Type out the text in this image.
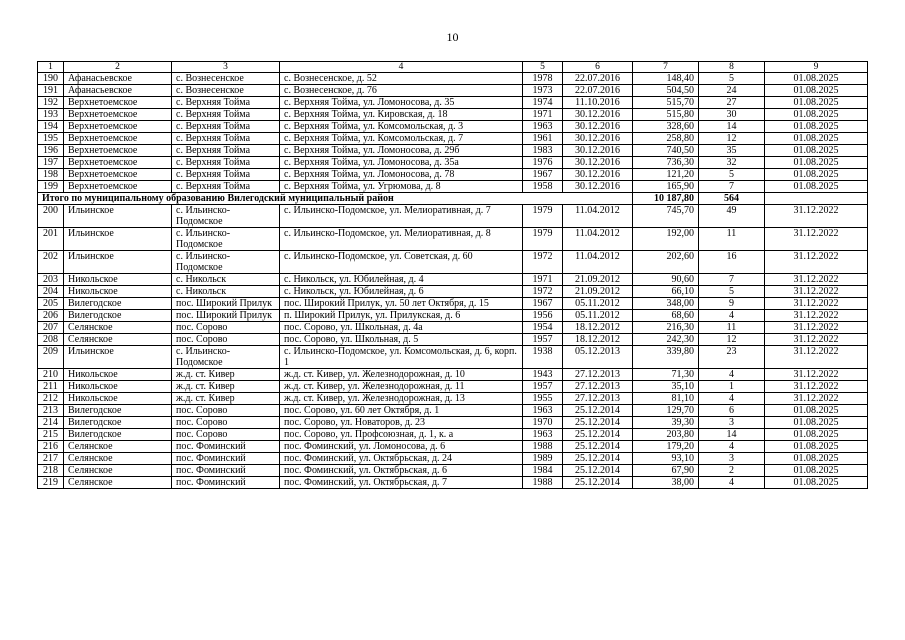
10
1	2	3	4	5	6	7	8	9
190	Афанасьевское	с. Вознесенское	с. Вознесенское, д. 52	1978	22.07.2016	148,40	5	01.08.2025
191	Афанасьевское	с. Вознесенское	с. Вознесенское, д. 76	1973	22.07.2016	504,50	24	01.08.2025
192	Верхнетоемское	с. Верхняя Тойма	с. Верхняя Тойма, ул. Ломоносова, д. 35	1974	11.10.2016	515,70	27	01.08.2025
193	Верхнетоемское	с. Верхняя Тойма	с. Верхняя Тойма, ул. Кировская, д. 18	1971	30.12.2016	515,80	30	01.08.2025
194	Верхнетоемское	с. Верхняя Тойма	с. Верхняя Тойма, ул. Комсомольская, д. 3	1963	30.12.2016	328,60	14	01.08.2025
195	Верхнетоемское	с. Верхняя Тойма	с. Верхняя Тойма, ул. Комсомольская, д. 7	1961	30.12.2016	258,80	12	01.08.2025
196	Верхнетоемское	с. Верхняя Тойма	с. Верхняя Тойма, ул. Ломоносова, д. 29б	1983	30.12.2016	740,50	35	01.08.2025
197	Верхнетоемское	с. Верхняя Тойма	с. Верхняя Тойма, ул. Ломоносова, д. 35а	1976	30.12.2016	736,30	32	01.08.2025
198	Верхнетоемское	с. Верхняя Тойма	с. Верхняя Тойма, ул. Ломоносова, д. 78	1967	30.12.2016	121,20	5	01.08.2025
199	Верхнетоемское	с. Верхняя Тойма	с. Верхняя Тойма, ул. Угрюмова, д. 8	1958	30.12.2016	165,90	7	01.08.2025
Итого по муниципальному образованию Вилегодский муниципальный район						10 187,80	564	
200	Ильинское	с. Ильинско-Подомское	с. Ильинско-Подомское, ул. Мелиоративная, д. 7	1979	11.04.2012	745,70	49	31.12.2022
201	Ильинское	с. Ильинско-Подомское	с. Ильинско-Подомское, ул. Мелиоративная, д. 8	1979	11.04.2012	192,00	11	31.12.2022
202	Ильинское	с. Ильинско-Подомское	с. Ильинско-Подомское, ул. Советская, д. 60	1972	11.04.2012	202,60	16	31.12.2022
203	Никольское	с. Никольск	с. Никольск, ул. Юбилейная, д. 4	1971	21.09.2012	90,60	7	31.12.2022
204	Никольское	с. Никольск	с. Никольск, ул. Юбилейная, д. 6	1972	21.09.2012	66,10	5	31.12.2022
205	Вилегодское	пос. Широкий Прилук	пос. Широкий Прилук, ул. 50 лет Октября, д. 15	1967	05.11.2012	348,00	9	31.12.2022
206	Вилегодское	пос. Широкий Прилук	п. Широкий Прилук, ул. Прилукская, д. 6	1956	05.11.2012	68,60	4	31.12.2022
207	Селянское	пос. Сорово	пос. Сорово, ул. Школьная, д. 4а	1954	18.12.2012	216,30	11	31.12.2022
208	Селянское	пос. Сорово	пос. Сорово, ул. Школьная, д. 5	1957	18.12.2012	242,30	12	31.12.2022
209	Ильинское	с. Ильинско-Подомское	с. Ильинско-Подомское, ул. Комсомольская, д. 6, корп. 1	1938	05.12.2013	339,80	23	31.12.2022
210	Никольское	ж.д. ст. Кивер	ж.д. ст. Кивер, ул. Железнодорожная, д. 10	1943	27.12.2013	71,30	4	31.12.2022
211	Никольское	ж.д. ст. Кивер	ж.д. ст. Кивер, ул. Железнодорожная, д. 11	1957	27.12.2013	35,10	1	31.12.2022
212	Никольское	ж.д. ст. Кивер	ж.д. ст. Кивер, ул. Железнодорожная, д. 13	1955	27.12.2013	81,10	4	31.12.2022
213	Вилегодское	пос. Сорово	пос. Сорово, ул. 60 лет Октября, д. 1	1963	25.12.2014	129,70	6	01.08.2025
214	Вилегодское	пос. Сорово	пос. Сорово, ул. Новаторов, д. 23	1970	25.12.2014	39,30	3	01.08.2025
215	Вилегодское	пос. Сорово	пос. Сорово, ул. Профсоюзная, д. 1, к. а	1963	25.12.2014	203,80	14	01.08.2025
216	Селянское	пос. Фоминский	пос. Фоминский, ул. Ломоносова, д. 6	1988	25.12.2014	179,20	4	01.08.2025
217	Селянское	пос. Фоминский	пос. Фоминский, ул. Октябрьская, д. 24	1989	25.12.2014	93,10	3	01.08.2025
218	Селянское	пос. Фоминский	пос. Фоминский, ул. Октябрьская, д. 6	1984	25.12.2014	67,90	2	01.08.2025
219	Селянское	пос. Фоминский	пос. Фоминский, ул. Октябрьская, д. 7	1988	25.12.2014	38,00	4	01.08.2025
